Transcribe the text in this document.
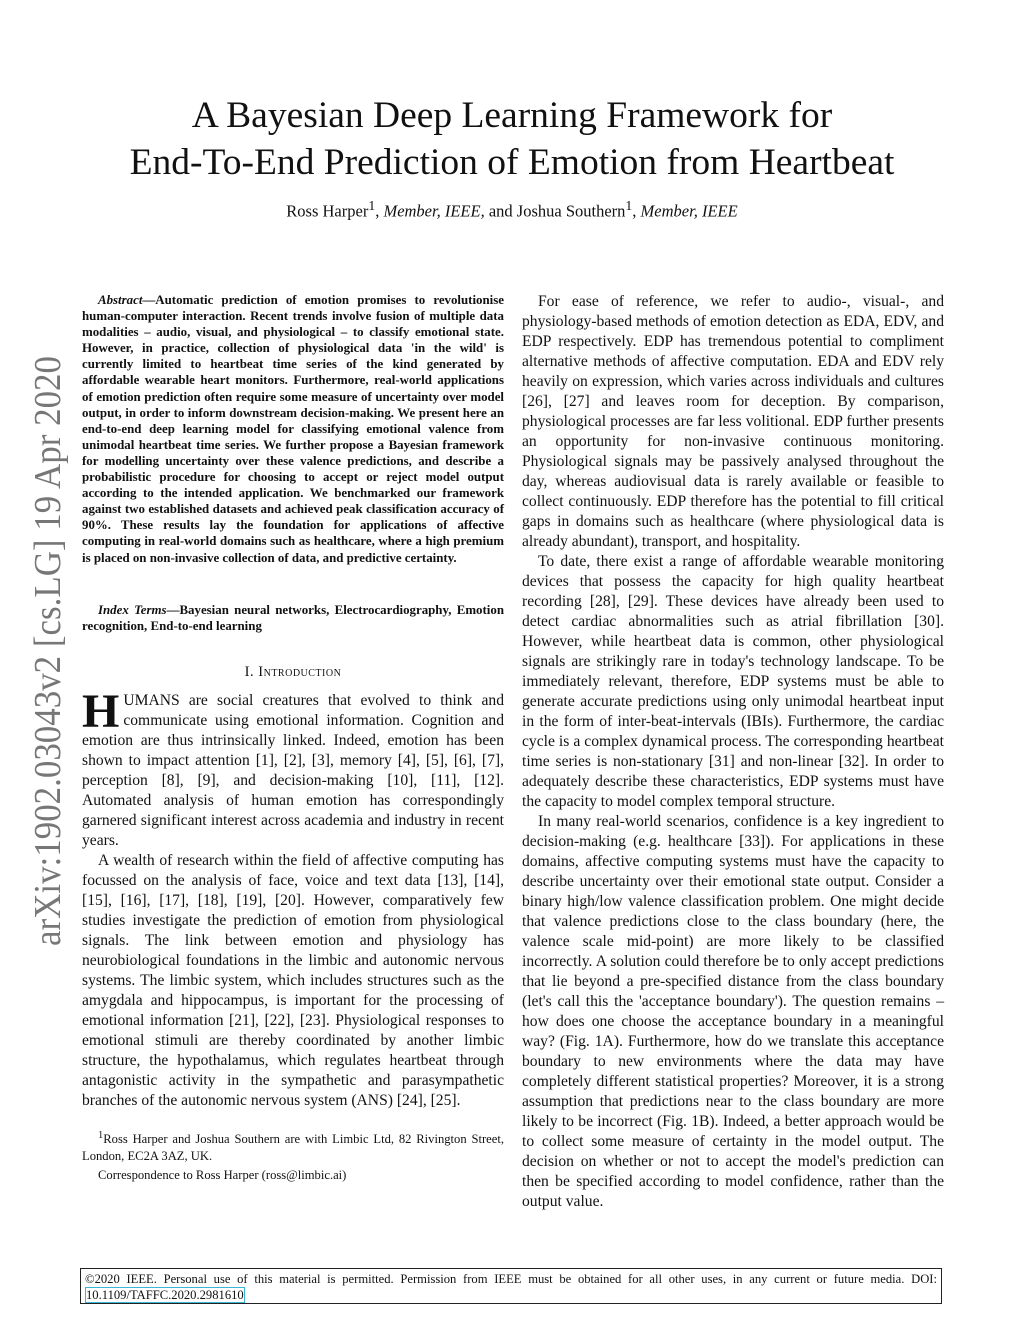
arXiv:1902.03043v2 [cs.LG] 19 Apr 2020
A Bayesian Deep Learning Framework for
End-To-End Prediction of Emotion from Heartbeat
Ross Harper$^1$, Member, IEEE, and Joshua Southern$^1$, Member, IEEE

Abstract—Automatic prediction of emotion promises to revolutionise human-computer interaction. Recent trends involve fusion of multiple data modalities – audio, visual, and physiological – to classify emotional state. However, in practice, collection of physiological data 'in the wild' is currently limited to heartbeat time series of the kind generated by affordable wearable heart monitors. Furthermore, real-world applications of emotion prediction often require some measure of uncertainty over model output, in order to inform downstream decision-making. We present here an end-to-end deep learning model for classifying emotional valence from unimodal heartbeat time series. We further propose a Bayesian framework for modelling uncertainty over these valence predictions, and describe a probabilistic procedure for choosing to accept or reject model output according to the intended application. We benchmarked our framework against two established datasets and achieved peak classification accuracy of 90%. These results lay the foundation for applications of affective computing in real-world domains such as healthcare, where a high premium is placed on non-invasive collection of data, and predictive certainty.

Index Terms—Bayesian neural networks, Electrocardiography, Emotion recognition, End-to-end learning

I. Introduction

HUMANS are social creatures that evolved to think and communicate using emotional information. Cognition and emotion are thus intrinsically linked. Indeed, emotion has been shown to impact attention [1], [2], [3], memory [4], [5], [6], [7], perception [8], [9], and decision-making [10], [11], [12]. Automated analysis of human emotion has correspondingly garnered significant interest across academia and industry in recent years.

A wealth of research within the field of affective computing has focussed on the analysis of face, voice and text data [13], [14], [15], [16], [17], [18], [19], [20]. However, comparatively few studies investigate the prediction of emotion from physiological signals. The link between emotion and physiology has neurobiological foundations in the limbic and autonomic nervous systems. The limbic system, which includes structures such as the amygdala and hippocampus, is important for the processing of emotional information [21], [22], [23]. Physiological responses to emotional stimuli are thereby coordinated by another limbic structure, the hypothalamus, which regulates heartbeat through antagonistic activity in the sympathetic and parasympathetic branches of the autonomic nervous system (ANS) [24], [25].

$^1$Ross Harper and Joshua Southern are with Limbic Ltd, 82 Rivington Street, London, EC2A 3AZ, UK.

Correspondence to Ross Harper (ross@limbic.ai)

For ease of reference, we refer to audio-, visual-, and physiology-based methods of emotion detection as EDA, EDV, and EDP respectively. EDP has tremendous potential to compliment alternative methods of affective computation. EDA and EDV rely heavily on expression, which varies across individuals and cultures [26], [27] and leaves room for deception. By comparison, physiological processes are far less volitional. EDP further presents an opportunity for non-invasive continuous monitoring. Physiological signals may be passively analysed throughout the day, whereas audiovisual data is rarely available or feasible to collect continuously. EDP therefore has the potential to fill critical gaps in domains such as healthcare (where physiological data is already abundant), transport, and hospitality.

To date, there exist a range of affordable wearable monitoring devices that possess the capacity for high quality heartbeat recording [28], [29]. These devices have already been used to detect cardiac abnormalities such as atrial fibrillation [30]. However, while heartbeat data is common, other physiological signals are strikingly rare in today's technology landscape. To be immediately relevant, therefore, EDP systems must be able to generate accurate predictions using only unimodal heartbeat input in the form of inter-beat-intervals (IBIs). Furthermore, the cardiac cycle is a complex dynamical process. The corresponding heartbeat time series is non-stationary [31] and non-linear [32]. In order to adequately describe these characteristics, EDP systems must have the capacity to model complex temporal structure.

In many real-world scenarios, confidence is a key ingredient to decision-making (e.g. healthcare [33]). For applications in these domains, affective computing systems must have the capacity to describe uncertainty over their emotional state output. Consider a binary high/low valence classification problem. One might decide that valence predictions close to the class boundary (here, the valence scale mid-point) are more likely to be classified incorrectly. A solution could therefore be to only accept predictions that lie beyond a pre-specified distance from the class boundary (let's call this the 'acceptance boundary'). The question remains – how does one choose the acceptance boundary in a meaningful way? (Fig. 1A). Furthermore, how do we translate this acceptance boundary to new environments where the data may have completely different statistical properties? Moreover, it is a strong assumption that predictions near to the class boundary are more likely to be incorrect (Fig. 1B). Indeed, a better approach would be to collect some measure of certainty in the model output. The decision on whether or not to accept the model's prediction can then be specified according to model confidence, rather than the output value.

©2020 IEEE. Personal use of this material is permitted. Permission from IEEE must be obtained for all other uses, in any current or future media. DOI: 10.1109/TAFFC.2020.2981610
